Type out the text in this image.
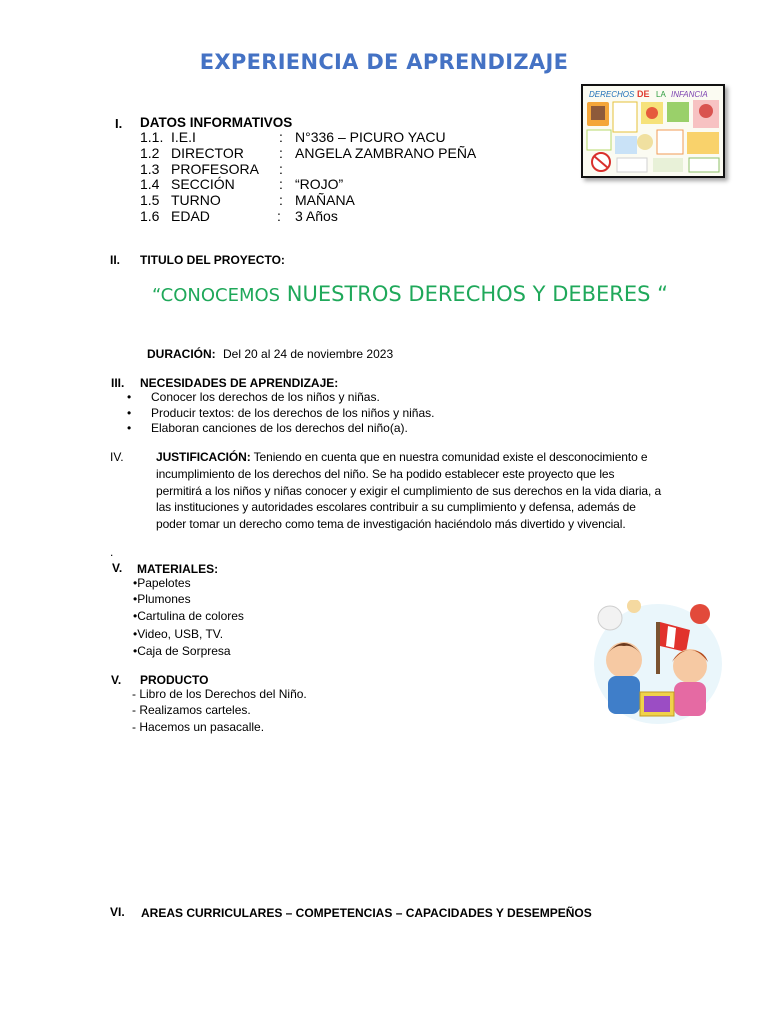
EXPERIENCIA DE APRENDIZAJE
DERECHOS DE LA INFANCIA
I. DATOS INFORMATIVOS
1.1. I.E.I	: N°336 – PICURO YACU
1.2 DIRECTOR	: ANGELA ZAMBRANO PEÑA
1.3 PROFESORA :
1.4 SECCIÓN	: “ROJO”
1.5 TURNO	: MAÑANA
1.6 EDAD	: 3 Años
II. TITULO DEL PROYECTO:
“CONOCEMOS NUESTROS DERECHOS Y DEBERES “
DURACIÓN: Del 20 al 24 de noviembre 2023
III. NECESIDADES DE APRENDIZAJE:
• Conocer los derechos de los niños y niñas.
• Producir textos: de los derechos de los niños y niñas.
• Elaboran canciones de los derechos del niño(a).
IV.	JUSTIFICACIÓN: Teniendo en cuenta que en nuestra comunidad existe el desconocimiento e incumplimiento de los derechos del niño. Se ha podido establecer este proyecto que les permitirá a los niños y niñas conocer y exigir el cumplimiento de sus derechos en la vida diaria, a las instituciones y autoridades escolares contribuir a su cumplimiento y defensa, además de poder tomar un derecho como tema de investigación haciéndolo más divertido y vivencial.
.
V. MATERIALES:
•Papelotes
•Plumones
•Cartulina de colores
•Video, USB, TV.
•Caja de Sorpresa
V. PRODUCTO
- Libro de los Derechos del Niño.
- Realizamos carteles.
- Hacemos un pasacalle.
VI. AREAS CURRICULARES – COMPETENCIAS – CAPACIDADES Y DESEMPEÑOS
